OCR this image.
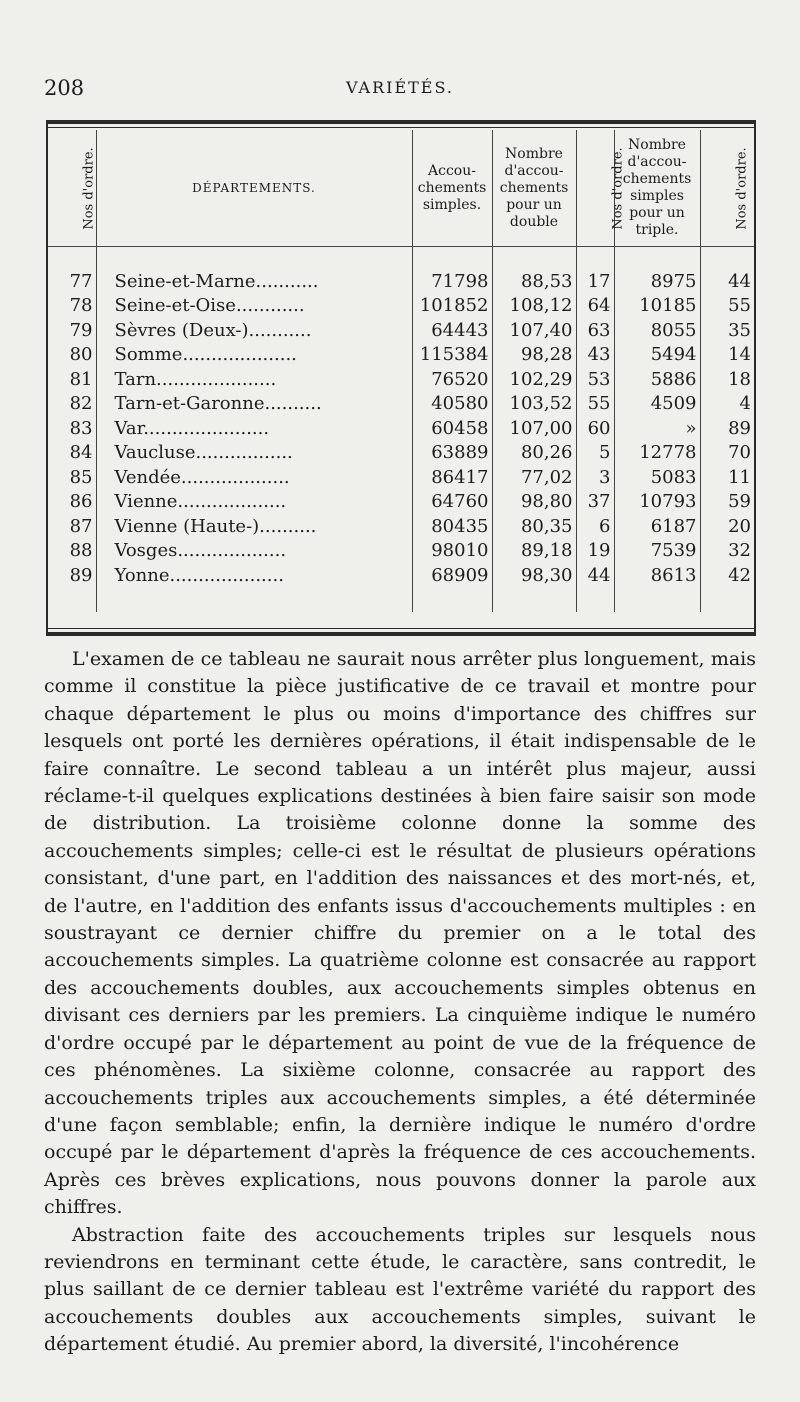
208	VARIÉTÉS.
Nos d'ordre.	DÉPARTEMENTS.	Accou- chements simples.	Nombre d'accou- chements pour un double	Nos d'ordre.	Nombre d'accou- chements simples pour un triple.	Nos d'ordre.

77	Seine-et-Marne...........	71798	88,53	17	8975	44
78	Seine-et-Oise............	101852	108,12	64	10185	55
79	Sèvres (Deux-)...........	64443	107,40	63	8055	35
80	Somme....................	115384	98,28	43	5494	14
81	Tarn.....................	76520	102,29	53	5886	18
82	Tarn-et-Garonne..........	40580	103,52	55	4509	4
83	Var......................	60458	107,00	60	»	89
84	Vaucluse.................	63889	80,26	5	12778	70
85	Vendée...................	86417	77,02	3	5083	11
86	Vienne...................	64760	98,80	37	10793	59
87	Vienne (Haute-)..........	80435	80,35	6	6187	20
88	Vosges...................	98010	89,18	19	7539	32
89	Yonne....................	68909	98,30	44	8613	42

L'examen de ce tableau ne saurait nous arrêter plus longuement, mais comme il constitue la pièce justificative de ce travail et montre pour chaque département le plus ou moins d'importance des chiffres sur lesquels ont porté les dernières opérations, il était indispensable de le faire connaître. Le second tableau a un intérêt plus majeur, aussi réclame-t-il quelques explications destinées à bien faire saisir son mode de distribution. La troisième colonne donne la somme des accouchements simples; celle-ci est le résultat de plusieurs opérations consistant, d'une part, en l'addition des naissances et des mort-nés, et, de l'autre, en l'addition des enfants issus d'accouchements multiples : en soustrayant ce dernier chiffre du premier on a le total des accouchements simples. La quatrième colonne est consacrée au rapport des accouchements doubles, aux accouchements simples obtenus en divisant ces derniers par les premiers. La cinquième indique le numéro d'ordre occupé par le département au point de vue de la fréquence de ces phénomènes. La sixième colonne, consacrée au rapport des accouchements triples aux accouchements simples, a été déterminée d'une façon semblable; enfin, la dernière indique le numéro d'ordre occupé par le département d'après la fréquence de ces accouchements. Après ces brèves explications, nous pouvons donner la parole aux chiffres.

Abstraction faite des accouchements triples sur lesquels nous reviendrons en terminant cette étude, le caractère, sans contredit, le plus saillant de ce dernier tableau est l'extrême variété du rapport des accouchements doubles aux accouchements simples, suivant le département étudié. Au premier abord, la diversité, l'incohérence
